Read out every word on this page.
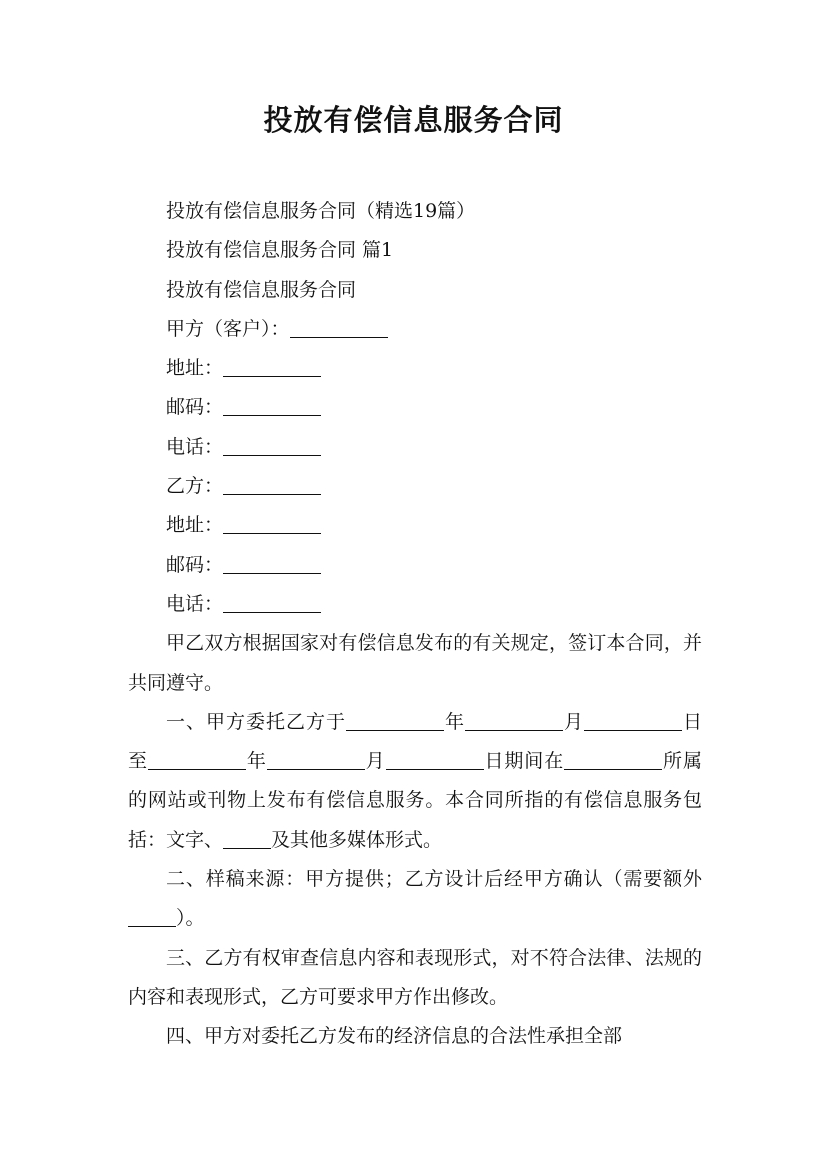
投放有偿信息服务合同

投放有偿信息服务合同（精选19篇）

投放有偿信息服务合同 篇1

投放有偿信息服务合同

甲方（客户）：

地址：

邮码：

电话：

乙方：

地址：

邮码：

电话：

甲乙双方根据国家对有偿信息发布的有关规定，签订本合同，并共同遵守。

一、甲方委托乙方于	年	月	日至	年	月	日期间在	所属的网站或刊物上发布有偿信息服务。本合同所指的有偿信息服务包括：文字、	及其他多媒体形式。

二、样稿来源：甲方提供；乙方设计后经甲方确认（需要额外）。

三、乙方有权审查信息内容和表现形式，对不符合法律、法规的内容和表现形式，乙方可要求甲方作出修改。

四、甲方对委托乙方发布的经济信息的合法性承担全部
